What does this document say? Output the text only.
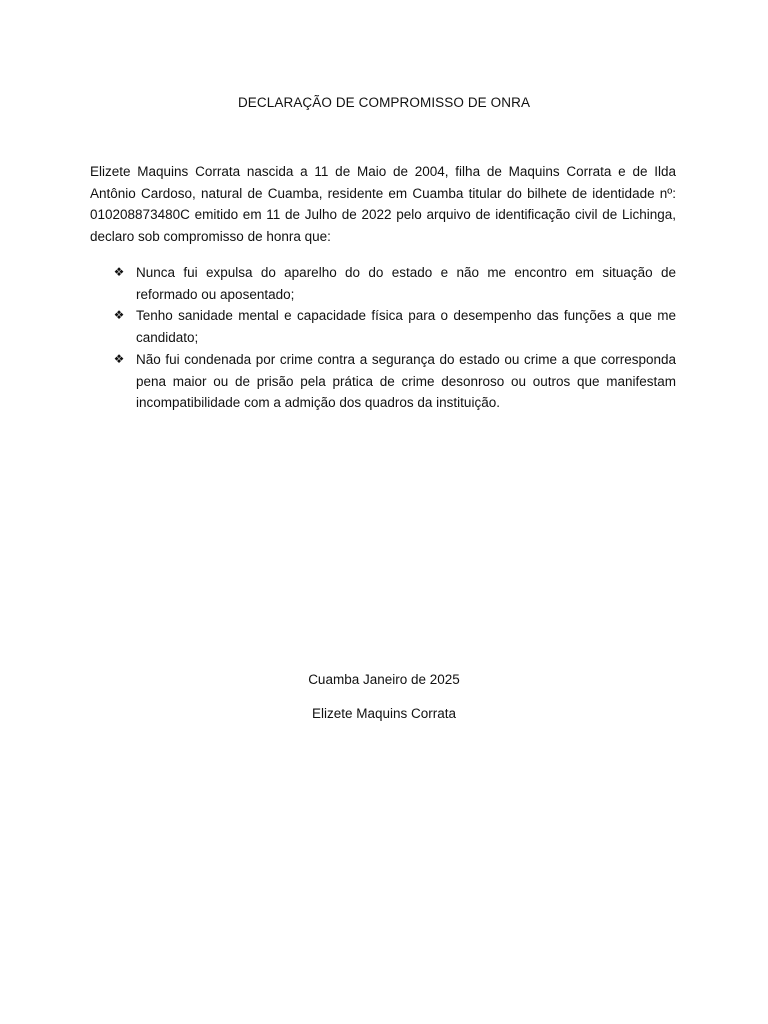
DECLARAÇÃO DE COMPROMISSO DE ONRA

Elizete Maquins Corrata nascida a 11 de Maio de 2004, filha de Maquins Corrata e de Ilda Antônio Cardoso, natural de Cuamba, residente em Cuamba titular do bilhete de identidade nº: 010208873480C emitido em 11 de Julho de 2022 pelo arquivo de identificação civil de Lichinga, declaro sob compromisso de honra que:

❖ Nunca fui expulsa do aparelho do do estado e não me encontro em situação de reformado ou aposentado;
❖ Tenho sanidade mental e capacidade física para o desempenho das funções a que me candidato;
❖ Não fui condenada por crime contra a segurança do estado ou crime a que corresponda pena maior ou de prisão pela prática de crime desonroso ou outros que manifestam incompatibilidade com a admição dos quadros da instituição.
Cuamba Janeiro de 2025
Elizete Maquins Corrata
